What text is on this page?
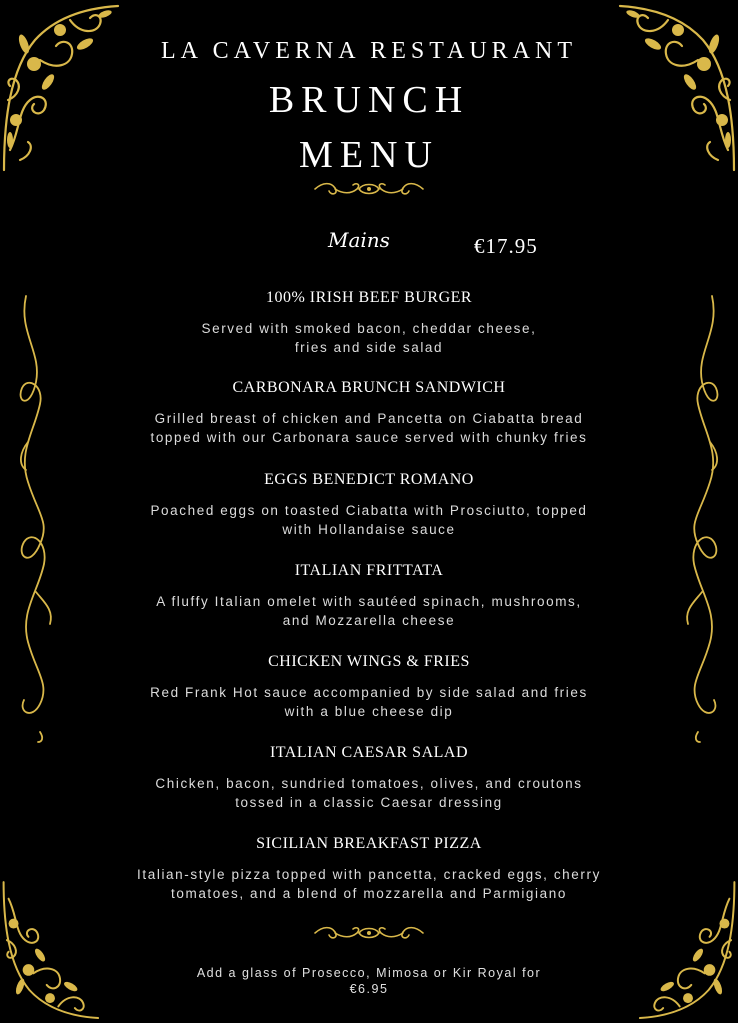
LA CAVERNA RESTAURANT
BRUNCH
MENU
Mains	€17.95
100% IRISH BEEF BURGER
Served with smoked bacon, cheddar cheese,
fries and side salad
CARBONARA BRUNCH SANDWICH
Grilled breast of chicken and Pancetta on Ciabatta bread
topped with our Carbonara sauce served with chunky fries
EGGS BENEDICT ROMANO
Poached eggs on toasted Ciabatta with Prosciutto, topped
with Hollandaise sauce
ITALIAN FRITTATA
A fluffy Italian omelet with sautéed spinach, mushrooms,
and Mozzarella cheese
CHICKEN WINGS & FRIES
Red Frank Hot sauce accompanied by side salad and fries
with a blue cheese dip
ITALIAN CAESAR SALAD
Chicken, bacon, sundried tomatoes, olives, and croutons
tossed in a classic Caesar dressing
SICILIAN BREAKFAST PIZZA
Italian-style pizza topped with pancetta, cracked eggs, cherry
tomatoes, and a blend of mozzarella and Parmigiano
Add a glass of Prosecco, Mimosa or Kir Royal for
€6.95
